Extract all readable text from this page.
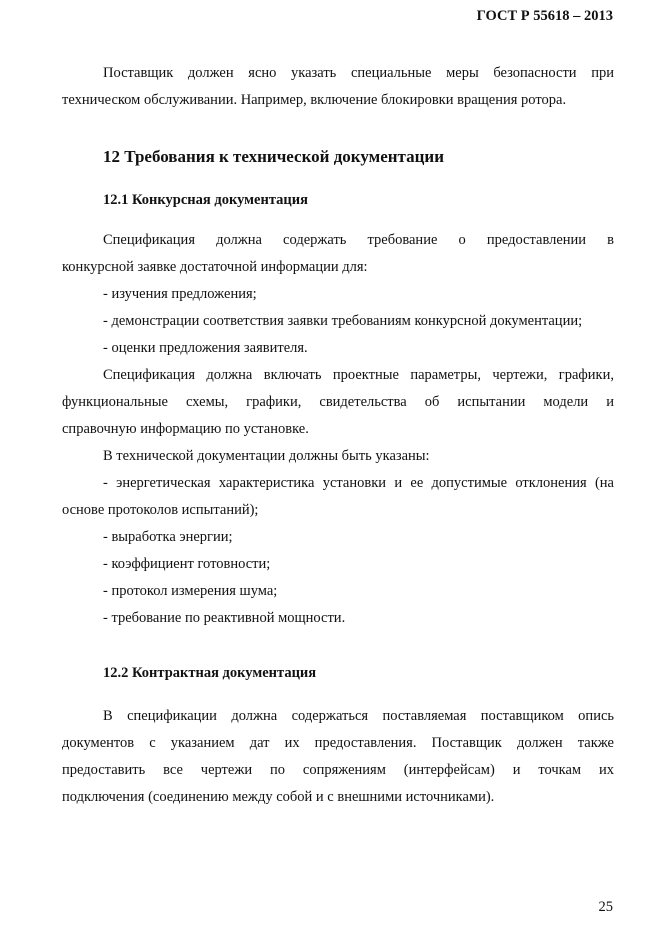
ГОСТ Р 55618 – 2013

Поставщик должен ясно указать специальные меры безопасности при

техническом обслуживании. Например, включение блокировки вращения ротора.

12 Требования к технической документации
12.1 Конкурсная документация

Спецификация должна содержать требование о предоставлении в

конкурсной заявке достаточной информации для:

- изучения предложения;

- демонстрации соответствия заявки требованиям конкурсной документации;

- оценки предложения заявителя.

Спецификация должна включать проектные параметры, чертежи, графики,

функциональные схемы, графики, свидетельства об испытании модели и

справочную информацию по установке.

В технической документации должны быть указаны:

- энергетическая характеристика установки и ее допустимые отклонения (на

основе протоколов испытаний);

- выработка энергии;

- коэффициент готовности;

- протокол измерения шума;

- требование по реактивной мощности.

12.2 Контрактная документация

В спецификации должна содержаться поставляемая поставщиком опись

документов с указанием дат их предоставления. Поставщик должен также

предоставить все чертежи по сопряжениям (интерфейсам) и точкам их

подключения (соединению между собой и с внешними источниками).

25
